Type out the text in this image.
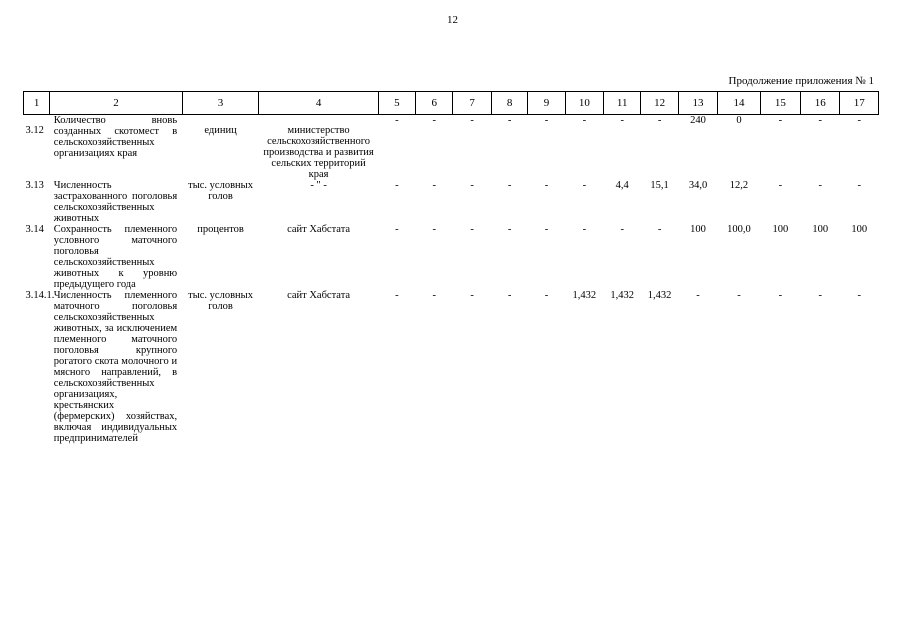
12
Продолжение приложения № 1
1	2	3	4	5	6	7	8	9	10	11	12	13	14	15	16	17
3.12	Количество вновь созданных скотомест в сельскохозяйственных организациях края	единиц	министерство сельскохозяйственного производства и развития сельских территорий края	-	-	-	-	-	-	-	-	240	0	-	-	-
3.13	Численность застрахованного поголовья сельскохозяйственных животных	тыс. условных голов	- " -	-	-	-	-	-	-	4,4	15,1	34,0	12,2	-	-	-
3.14	Сохранность племенного условного маточного поголовья сельскохозяйственных животных к уровню предыдущего года	процентов	сайт Хабстата	-	-	-	-	-	-	-	-	100	100,0	100	100	100
3.14.1.	Численность племенного маточного поголовья сельскохозяйственных животных, за исключением племенного маточного поголовья крупного рогатого скота молочного и мясного направлений, в сельскохозяйственных организациях, крестьянских (фермерских) хозяйствах, включая индивидуальных предпринимателей	тыс. условных голов	сайт Хабстата	-	-	-	-	-	1,432	1,432	1,432	-	-	-	-	-
